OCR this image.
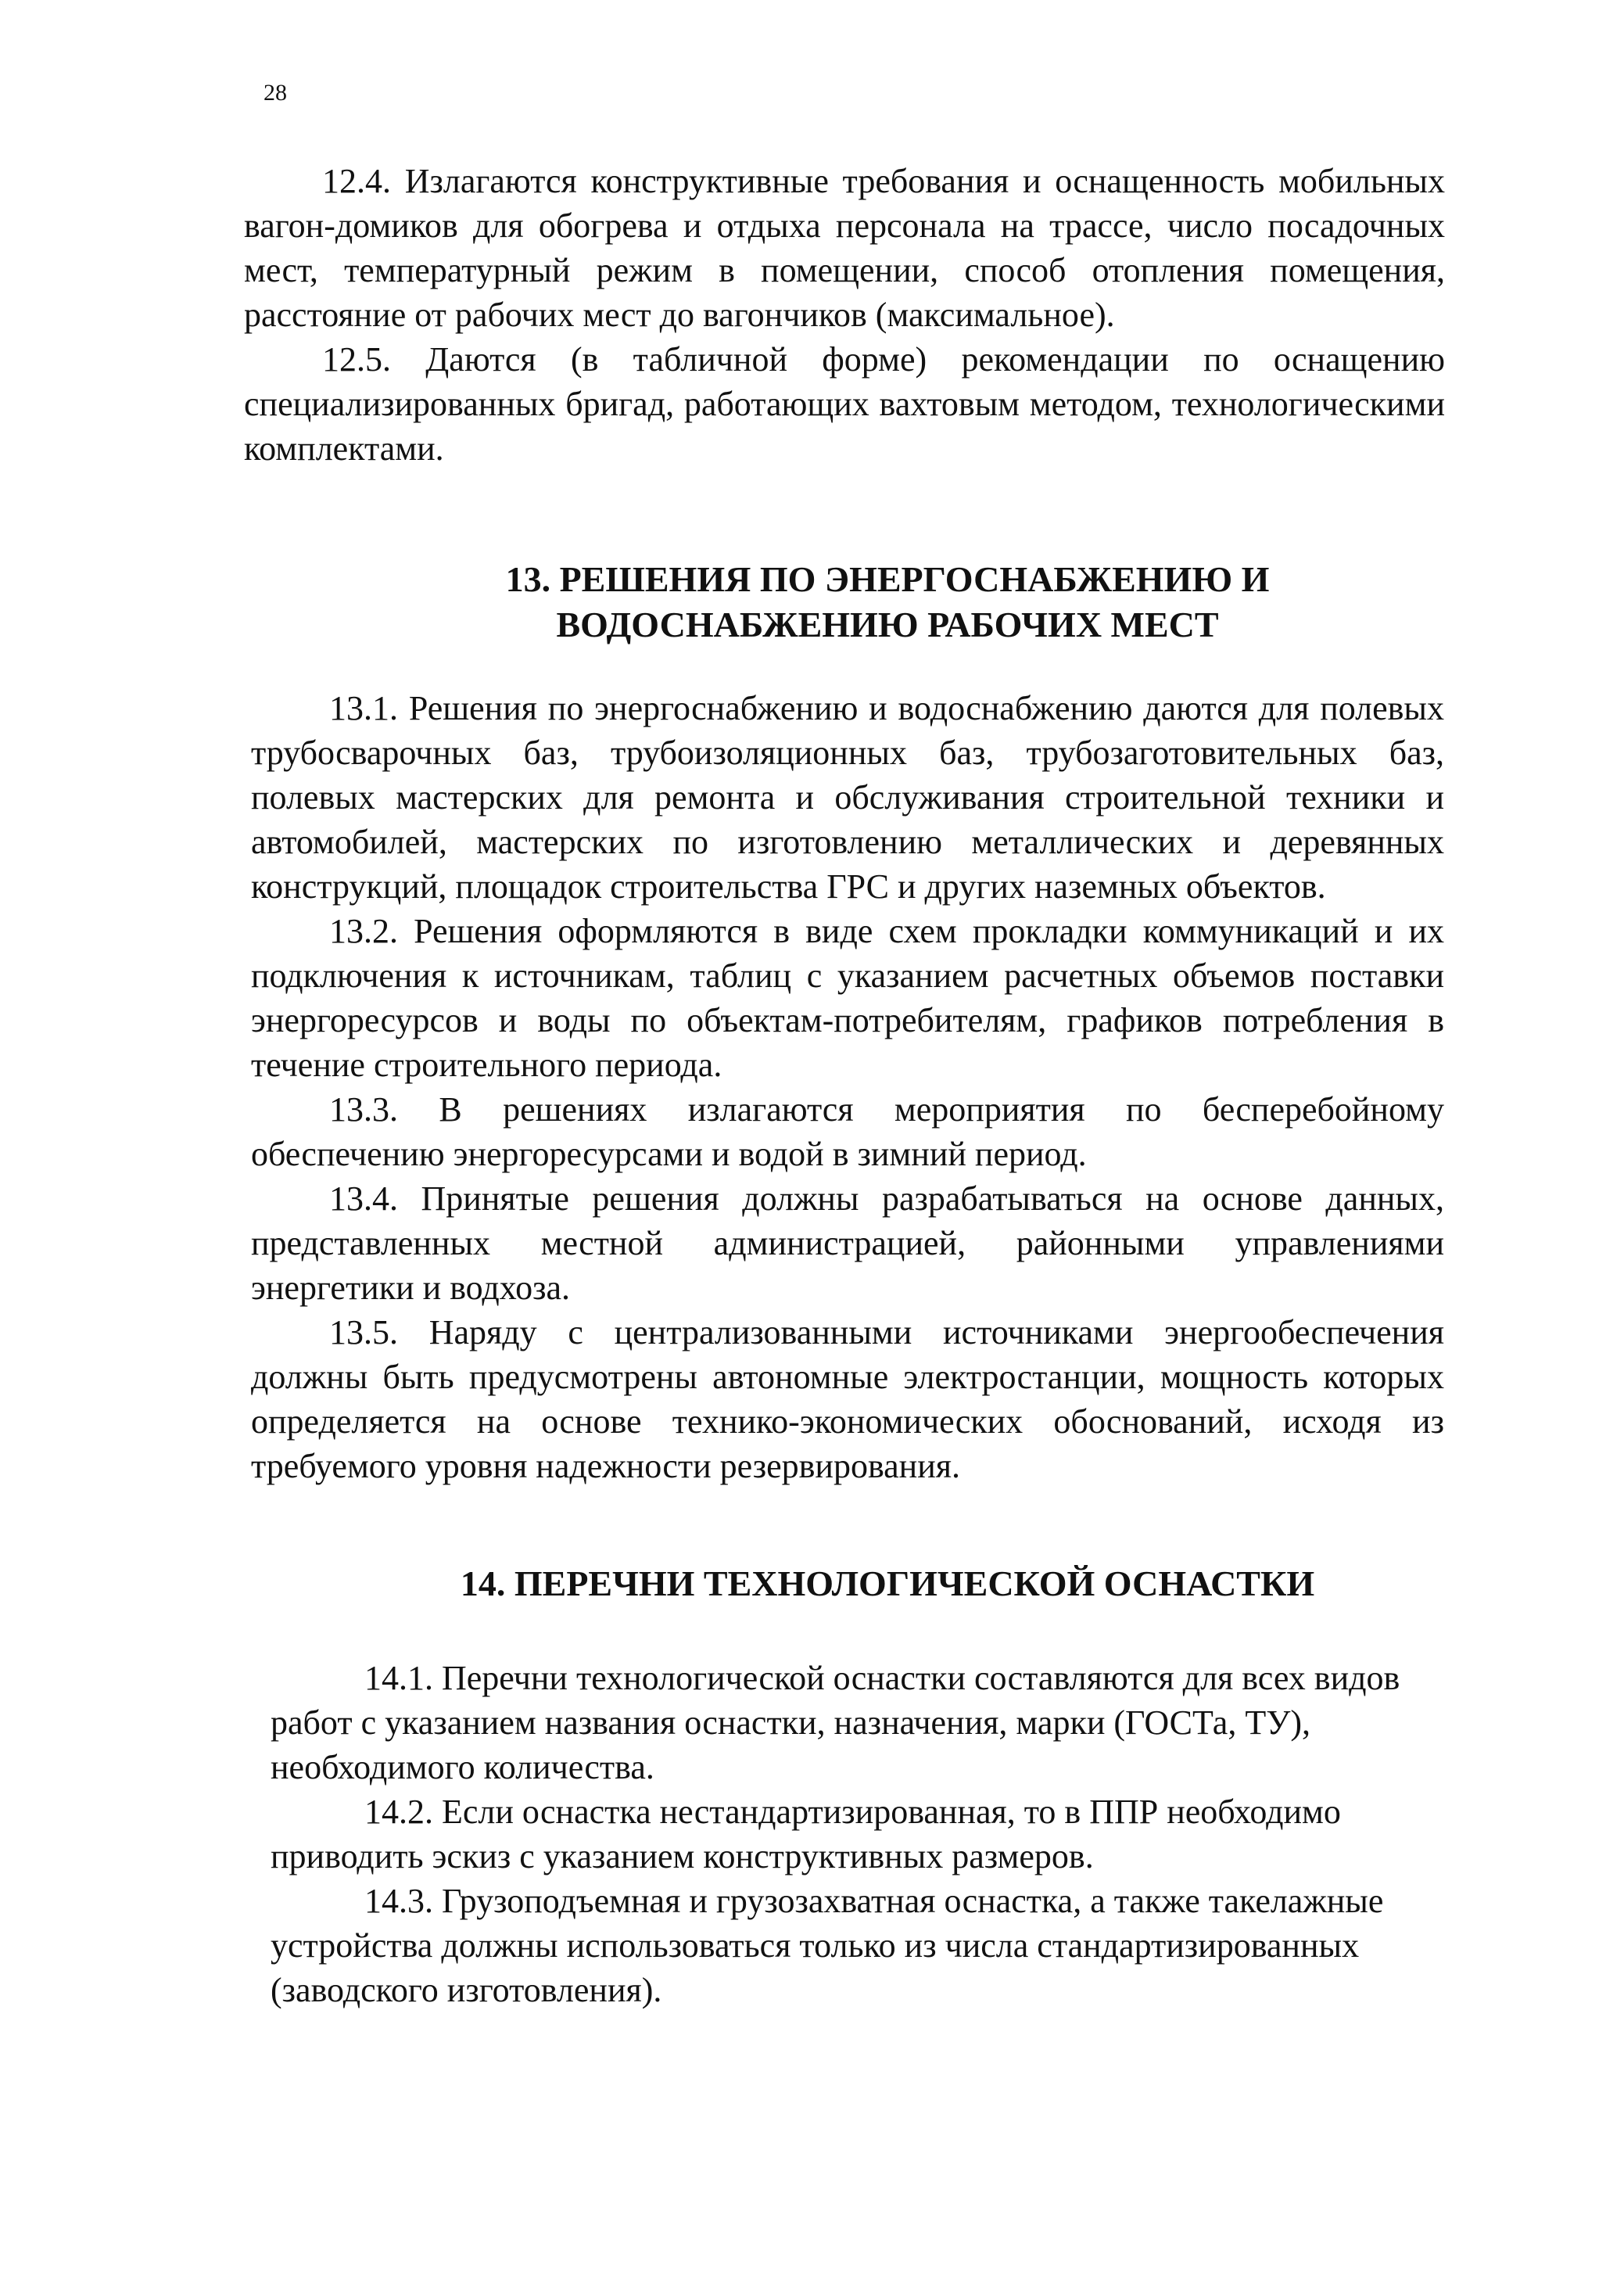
28

12.4. Излагаются конструктивные требования и оснащенность мобильных вагон-домиков для обогрева и отдыха персонала на трассе, число посадочных мест, температурный режим в помещении, способ отопления помещения, расстояние от рабочих мест до вагончиков (максимальное).

12.5. Даются (в табличной форме) рекомендации по оснащению специализированных бригад, работающих вахтовым методом, технологическими комплектами.

13. РЕШЕНИЯ ПО ЭНЕРГОСНАБЖЕНИЮ И
ВОДОСНАБЖЕНИЮ РАБОЧИХ МЕСТ

13.1. Решения по энергоснабжению и водоснабжению даются для полевых трубосварочных баз, трубоизоляционных баз, трубозаготовительных баз, полевых мастерских для ремонта и обслуживания строительной техники и автомобилей, мастерских по изготовлению металлических и деревянных конструкций, площадок строительства ГРС и других наземных объектов.

13.2. Решения оформляются в виде схем прокладки коммуникаций и их подключения к источникам, таблиц с указанием расчетных объемов поставки энергоресурсов и воды по объектам-потребителям, графиков потребления в течение строительного периода.

13.3. В решениях излагаются мероприятия по бесперебойному обеспечению энергоресурсами и водой в зимний период.

13.4. Принятые решения должны разрабатываться на основе данных, представленных местной администрацией, районными управлениями энергетики и водхоза.

13.5. Наряду с централизованными источниками энергообеспечения должны быть предусмотрены автономные электростанции, мощность которых определяется на основе технико-экономических обоснований, исходя из требуемого уровня надежности резервирования.

14. ПЕРЕЧНИ ТЕХНОЛОГИЧЕСКОЙ ОСНАСТКИ

14.1. Перечни технологической оснастки составляются для всех видов работ с указанием названия оснастки, назначения, марки (ГОСТа, ТУ), необходимого количества.

14.2. Если оснастка нестандартизированная, то в ППР необходимо приводить эскиз с указанием конструктивных размеров.

14.3. Грузоподъемная и грузозахватная оснастка, а также такелажные устройства должны использоваться только из числа стандартизированных (заводского изготовления).
